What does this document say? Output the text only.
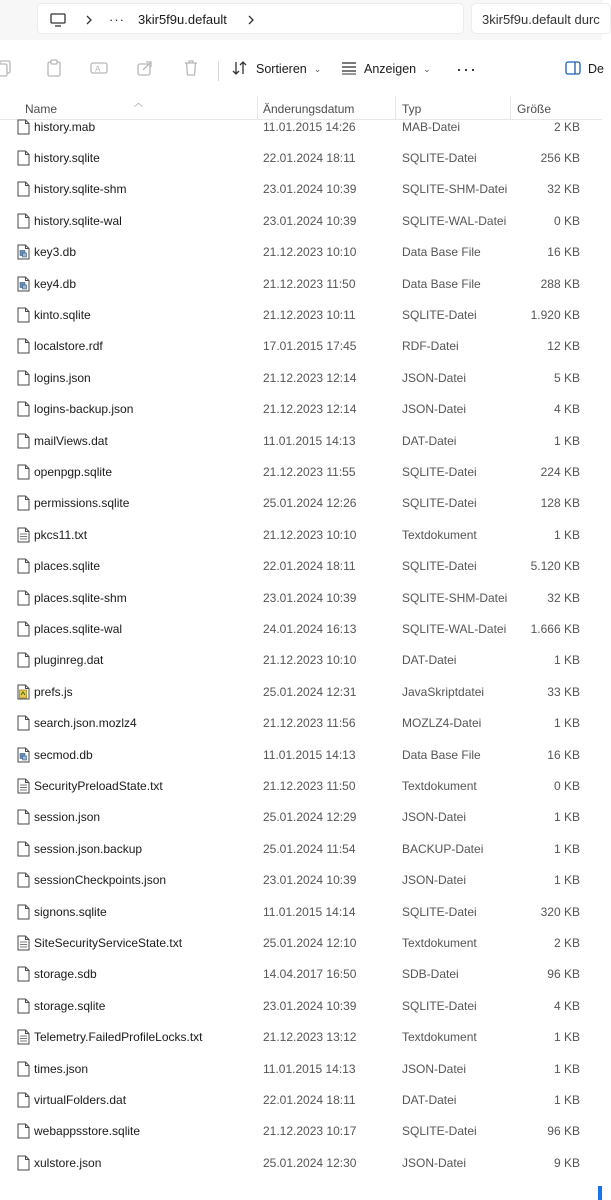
··· 3kir5f9u.default	3kir5f9u.default durc
A	Sortieren ⌄	Anzeigen ⌄ ···	De
︿
Name	Änderungsdatum	Typ	Größe
history.mab	11.01.2015 14:26	MAB-Datei	2 KB
history.sqlite	22.01.2024 18:11	SQLITE-Datei	256 KB
history.sqlite-shm	23.01.2024 10:39	SQLITE-SHM-Datei	32 KB
history.sqlite-wal	23.01.2024 10:39	SQLITE-WAL-Datei	0 KB
key3.db	21.12.2023 10:10	Data Base File	16 KB
key4.db	21.12.2023 11:50	Data Base File	288 KB
kinto.sqlite	21.12.2023 10:11	SQLITE-Datei	1.920 KB
localstore.rdf	17.01.2015 17:45	RDF-Datei	12 KB
logins.json	21.12.2023 12:14	JSON-Datei	5 KB
logins-backup.json	21.12.2023 12:14	JSON-Datei	4 KB
mailViews.dat	11.01.2015 14:13	DAT-Datei	1 KB
openpgp.sqlite	21.12.2023 11:55	SQLITE-Datei	224 KB
permissions.sqlite	25.01.2024 12:26	SQLITE-Datei	128 KB
pkcs11.txt	21.12.2023 10:10	Textdokument	1 KB
places.sqlite	22.01.2024 18:11	SQLITE-Datei	5.120 KB
places.sqlite-shm	23.01.2024 10:39	SQLITE-SHM-Datei	32 KB
places.sqlite-wal	24.01.2024 16:13	SQLITE-WAL-Datei 1.666 KB
pluginreg.dat	21.12.2023 10:10	DAT-Datei	1 KB
prefs.js	25.01.2024 12:31	JavaSkriptdatei	33 KB
search.json.mozlz4	21.12.2023 11:56	MOZLZ4-Datei	1 KB
secmod.db	11.01.2015 14:13	Data Base File	16 KB
SecurityPreloadState.txt	21.12.2023 11:50	Textdokument	0 KB
session.json	25.01.2024 12:29	JSON-Datei	1 KB
session.json.backup	25.01.2024 11:54	BACKUP-Datei	1 KB
sessionCheckpoints.json	23.01.2024 10:39	JSON-Datei	1 KB
signons.sqlite	11.01.2015 14:14	SQLITE-Datei	320 KB
SiteSecurityServiceState.txt	25.01.2024 12:10	Textdokument	2 KB
storage.sdb	14.04.2017 16:50	SDB-Datei	96 KB
storage.sqlite	23.01.2024 10:39	SQLITE-Datei	4 KB
Telemetry.FailedProfileLocks.txt	21.12.2023 13:12	Textdokument	1 KB
times.json	11.01.2015 14:13	JSON-Datei	1 KB
virtualFolders.dat	22.01.2024 18:11	DAT-Datei	1 KB
webappsstore.sqlite	21.12.2023 10:17	SQLITE-Datei	96 KB
xulstore.json	25.01.2024 12:30	JSON-Datei	9 KB
